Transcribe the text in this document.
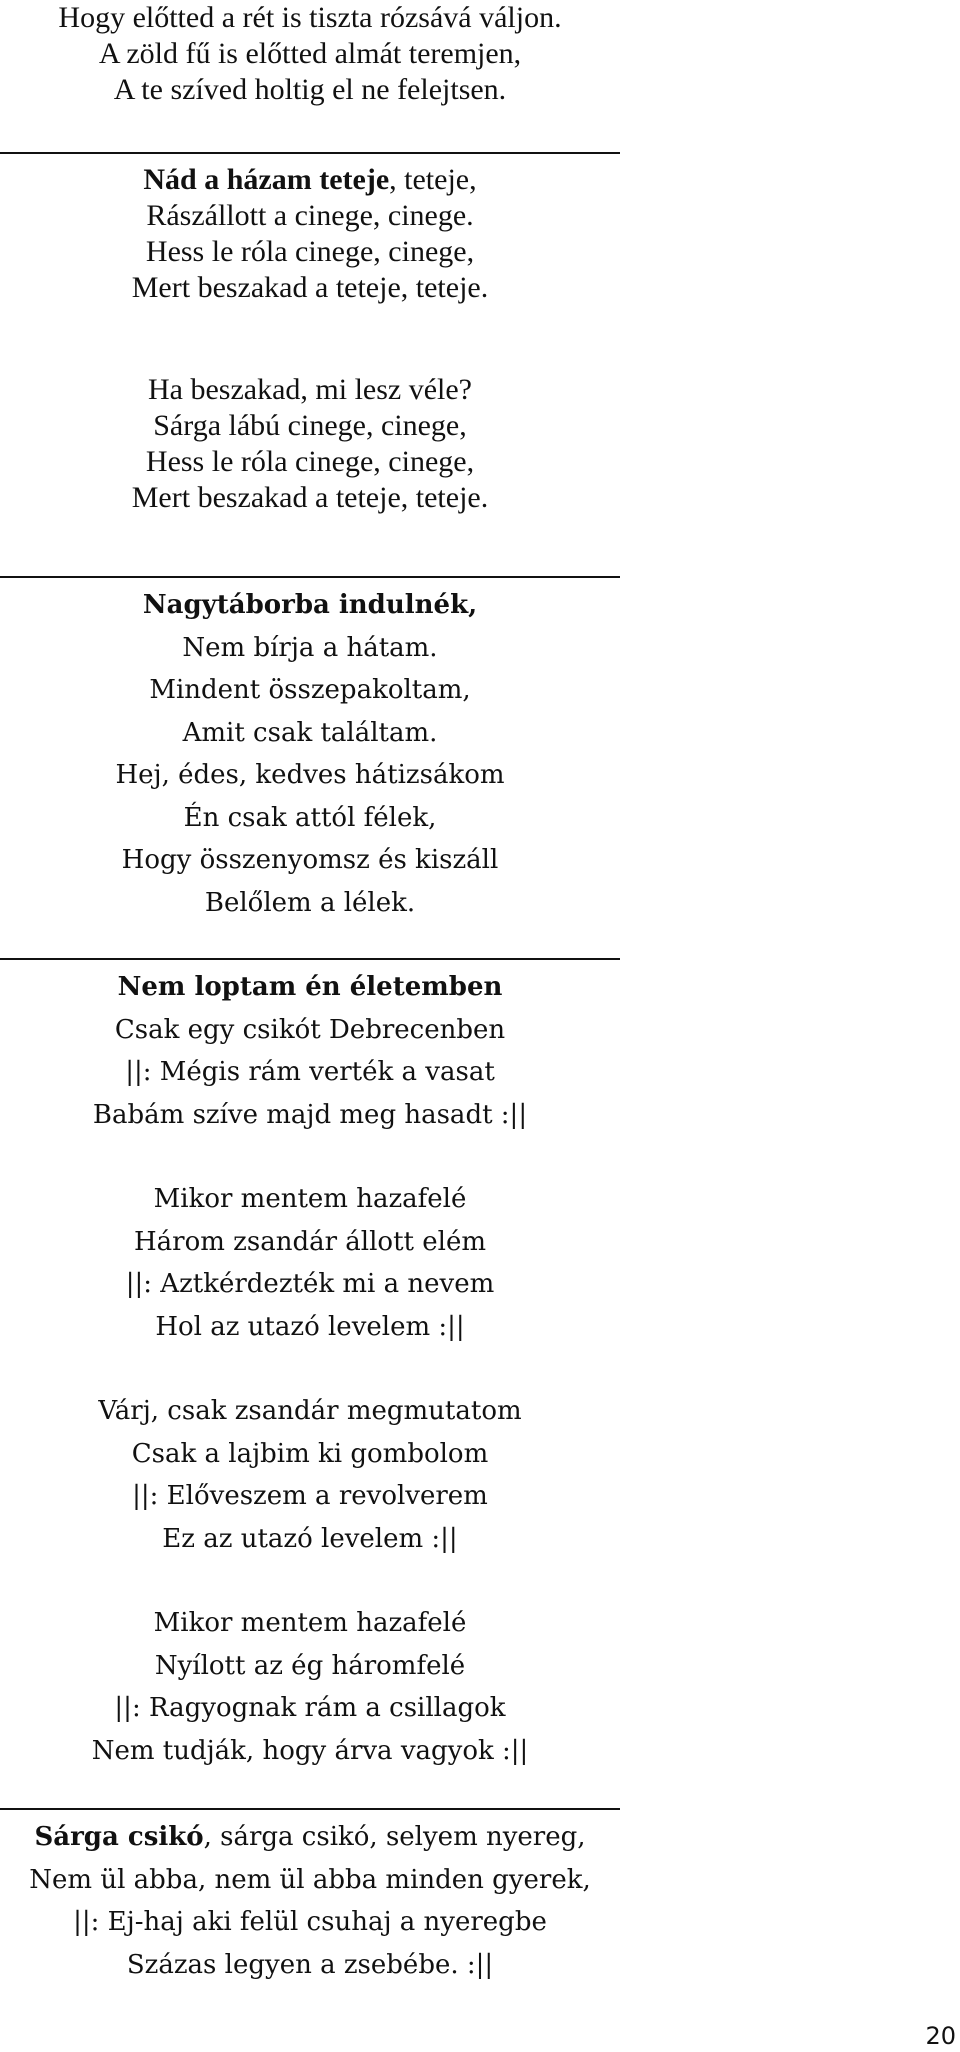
Hogy előtted a rét is tiszta rózsává váljon.
A zöld fű is előtted almát teremjen,
A te szíved holtig el ne felejtsen.
Nád a házam teteje, teteje,
Rászállott a cinege, cinege.
Hess le róla cinege, cinege,
Mert beszakad a teteje, teteje.
Ha beszakad, mi lesz véle?
Sárga lábú cinege, cinege,
Hess le róla cinege, cinege,
Mert beszakad a teteje, teteje.
Nagytáborba indulnék,
Nem bírja a hátam.
Mindent összepakoltam,
Amit csak találtam.
Hej, édes, kedves hátizsákom
Én csak attól félek,
Hogy összenyomsz és kiszáll
Belőlem a lélek.
Nem loptam én életemben
Csak egy csikót Debrecenben
||: Mégis rám verték a vasat
Babám szíve majd meg hasadt :||
Mikor mentem hazafelé
Három zsandár állott elém
||: Aztkérdezték mi a nevem
Hol az utazó levelem :||
Várj, csak zsandár megmutatom
Csak a lajbim ki gombolom
||: Előveszem a revolverem
Ez az utazó levelem :||
Mikor mentem hazafelé
Nyílott az ég háromfelé
||: Ragyognak rám a csillagok
Nem tudják, hogy árva vagyok :||
Sárga csikó, sárga csikó, selyem nyereg,
Nem ül abba, nem ül abba minden gyerek,
||: Ej-haj aki felül csuhaj a nyeregbe
Százas legyen a zsebébe. :||
20
